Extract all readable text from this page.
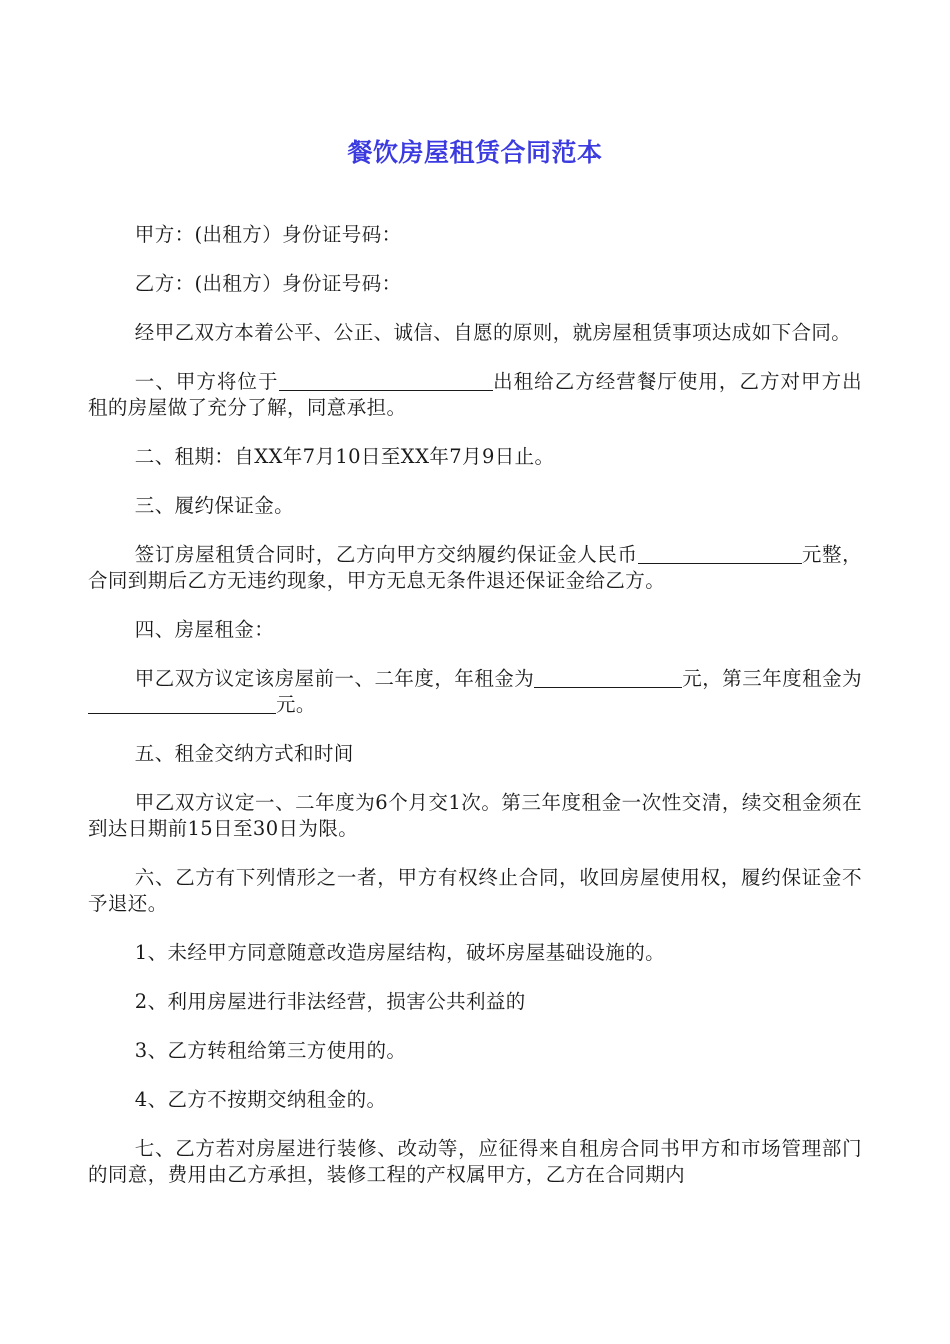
餐饮房屋租赁合同范本

甲方：(出租方）身份证号码：

乙方：(出租方）身份证号码：

经甲乙双方本着公平、公正、诚信、自愿的原则，就房屋租赁事项达成如下合同。

一、甲方将位于	出租给乙方经营餐厅使用，乙方对甲方出租的房屋做了充分了解，同意承担。

二、租期：自XX年7月10日至XX年7月9日止。

三、履约保证金。

签订房屋租赁合同时，乙方向甲方交纳履约保证金人民币	元整，合同到期后乙方无违约现象，甲方无息无条件退还保证金给乙方。

四、房屋租金：

甲乙双方议定该房屋前一、二年度，年租金为	元，第三年度租金为元。

五、租金交纳方式和时间

甲乙双方议定一、二年度为6个月交1次。第三年度租金一次性交清，续交租金须在到达日期前15日至30日为限。

六、乙方有下列情形之一者，甲方有权终止合同，收回房屋使用权，履约保证金不予退还。

1、未经甲方同意随意改造房屋结构，破坏房屋基础设施的。

2、利用房屋进行非法经营，损害公共利益的

3、乙方转租给第三方使用的。

4、乙方不按期交纳租金的。

七、乙方若对房屋进行装修、改动等，应征得来自租房合同书甲方和市场管理部门的同意，费用由乙方承担，装修工程的产权属甲方，乙方在合同期内
